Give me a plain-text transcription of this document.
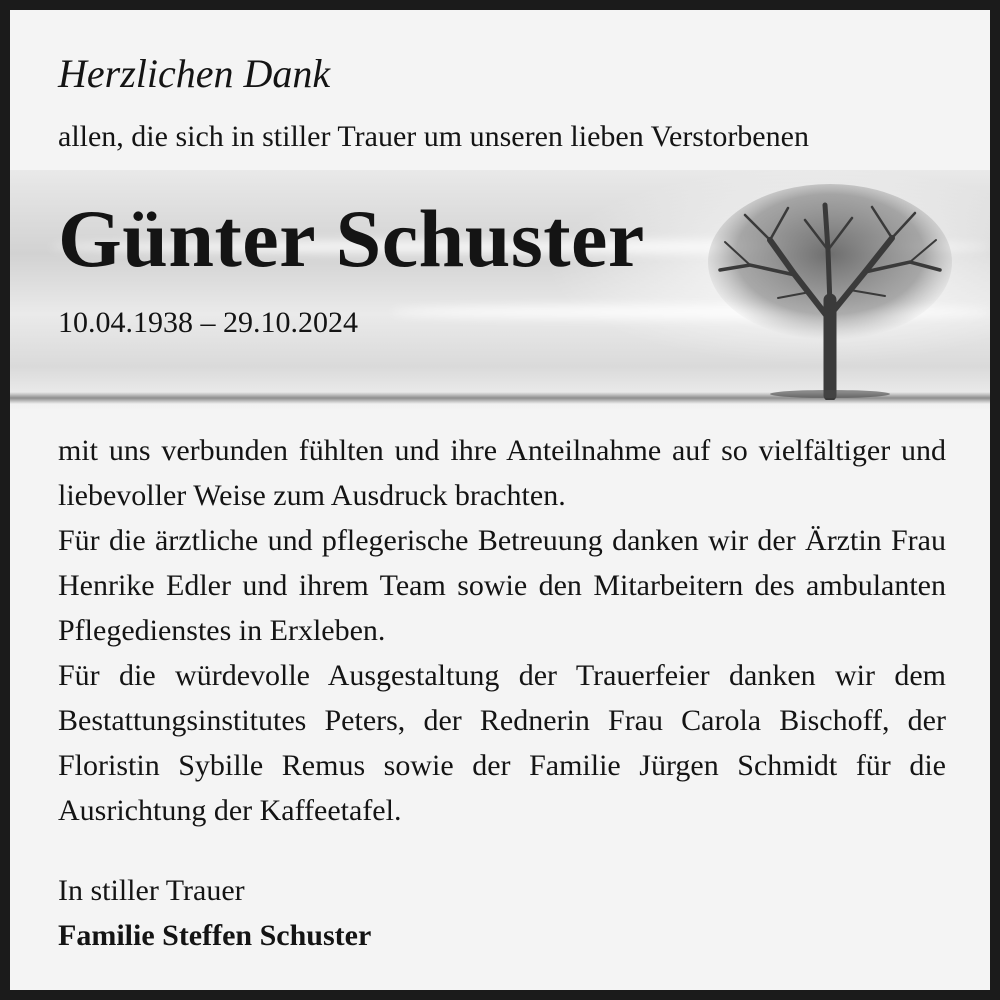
Herzlichen Dank
allen, die sich in stiller Trauer um unseren lieben Verstorbenen
Günter Schuster
10.04.1938 – 29.10.2024

mit uns verbunden fühlten und ihre Anteilnahme auf so vielfältiger und liebevoller Weise zum Ausdruck brachten.

Für die ärztliche und pflegerische Betreuung danken wir der Ärztin Frau Henrike Edler und ihrem Team sowie den Mitarbeitern des ambulanten Pflegedienstes in Erxleben.

Für die würdevolle Ausgestaltung der Trauerfeier danken wir dem Bestattungsinstitutes Peters, der Rednerin Frau Carola Bischoff, der Floristin Sybille Remus sowie der Familie Jürgen Schmidt für die Ausrichtung der Kaffeetafel.

In stiller Trauer
Familie Steffen Schuster
